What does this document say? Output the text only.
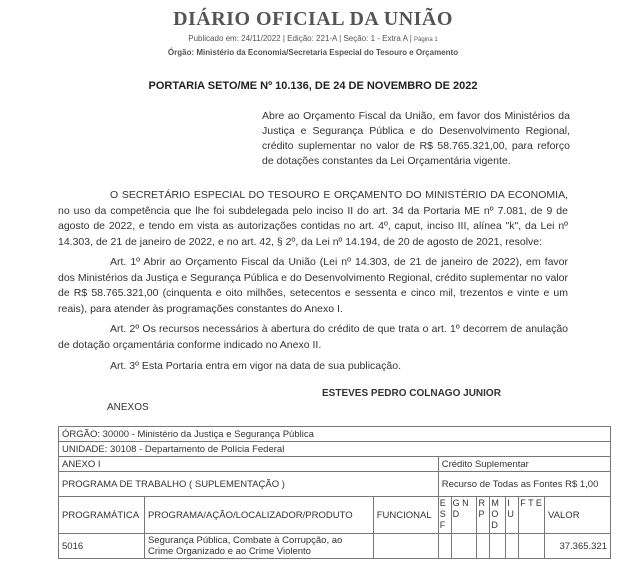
DIÁRIO OFICIAL DA UNIÃO
Publicado em: 24/11/2022 | Edição: 221-A | Seção: 1 - Extra A | Página 1
Órgão: Ministério da Economia/Secretaria Especial do Tesouro e Orçamento
PORTARIA SETO/ME Nº 10.136, DE 24 DE NOVEMBRO DE 2022
Abre ao Orçamento Fiscal da União, em favor dos Ministérios da Justiça e Segurança Pública e do Desenvolvimento Regional, crédito suplementar no valor de R$ 58.765.321,00, para reforço de dotações constantes da Lei Orçamentária vigente.
O SECRETÁRIO ESPECIAL DO TESOURO E ORÇAMENTO DO MINISTÉRIO DA ECONOMIA, no uso da competência que lhe foi subdelegada pelo inciso II do art. 34 da Portaria ME nº 7.081, de 9 de agosto de 2022, e tendo em vista as autorizações contidas no art. 4º, caput, inciso III, alínea "k", da Lei nº 14.303, de 21 de janeiro de 2022, e no art. 42, § 2º, da Lei nº 14.194, de 20 de agosto de 2021, resolve:
Art. 1º Abrir ao Orçamento Fiscal da União (Lei nº 14.303, de 21 de janeiro de 2022), em favor dos Ministérios da Justiça e Segurança Pública e do Desenvolvimento Regional, crédito suplementar no valor de R$ 58.765.321,00 (cinquenta e oito milhões, setecentos e sessenta e cinco mil, trezentos e vinte e um reais), para atender às programações constantes do Anexo I.
Art. 2º Os recursos necessários à abertura do crédito de que trata o art. 1º decorrem de anulação de dotação orçamentária conforme indicado no Anexo II.
Art. 3º Esta Portaria entra em vigor na data de sua publicação.
ESTEVES PEDRO COLNAGO JUNIOR
ANEXOS
ÓRGÃO: 30000 - Ministério da Justiça e Segurança Pública									
UNIDADE: 30108 - Departamento de Polícia Federal									
ANEXO I			Crédito Suplementar						
PROGRAMA DE TRABALHO ( SUPLEMENTAÇÃO )			Recurso de Todas as Fontes R$ 1,00						
PROGRAMÁTICA	PROGRAMA/AÇÃO/LOCALIZADOR/PRODUTO	FUNCIONAL	E S F	G N D	R P	M O D	I U	F T E	VALOR
5016	Segurança Pública, Combate à Corrupção, ao Crime Organizado e ao Crime Violento								37.365.321
